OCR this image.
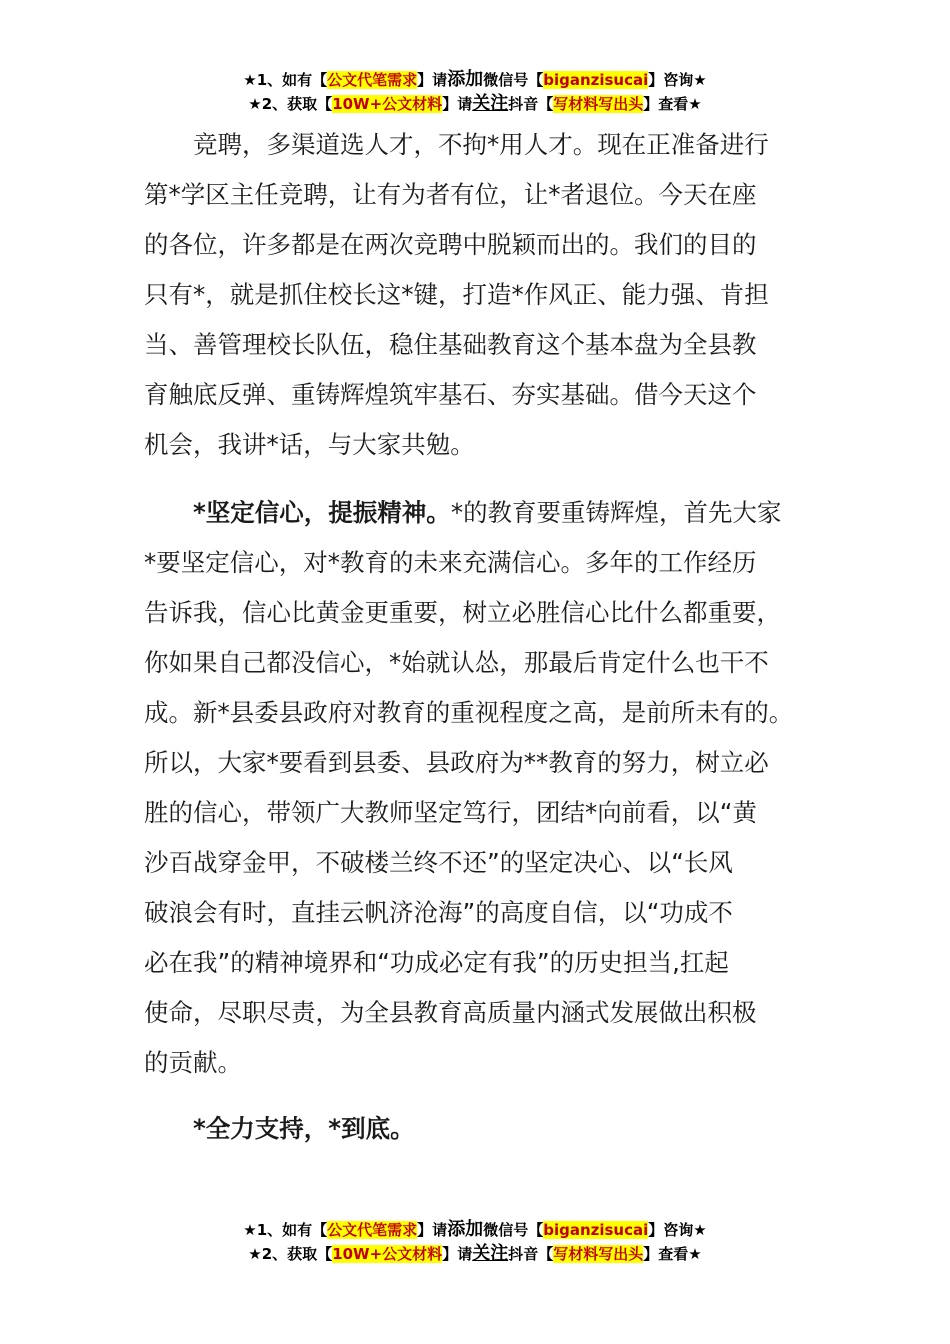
★1、如有【公文代笔需求】请添加微信号【biganzisucai】咨询★
★2、获取【10W+公文材料】请关注抖音【写材料写出头】查看★
　　竞聘，多渠道选人才，不拘*用人才。现在正准备进行
第*学区主任竞聘，让有为者有位，让*者退位。今天在座
的各位，许多都是在两次竞聘中脱颖而出的。我们的目的
只有*，就是抓住校长这*键，打造*作风正、能力强、肯担
当、善管理校长队伍，稳住基础教育这个基本盘为全县教
育触底反弹、重铸辉煌筑牢基石、夯实基础。借今天这个
机会，我讲*话，与大家共勉。
　　*坚定信心，提振精神。*的教育要重铸辉煌，首先大家
*要坚定信心，对*教育的未来充满信心。多年的工作经历
告诉我，信心比黄金更重要，树立必胜信心比什么都重要，
你如果自己都没信心，*始就认怂，那最后肯定什么也干不
成。新*县委县政府对教育的重视程度之高，是前所未有的。
所以，大家*要看到县委、县政府为**教育的努力，树立必
胜的信心，带领广大教师坚定笃行，团结*向前看，以“黄
沙百战穿金甲，不破楼兰终不还”的坚定决心、以“长风
破浪会有时，直挂云帆济沧海”的高度自信，以“功成不
必在我”的精神境界和“功成必定有我”的历史担当,扛起
使命，尽职尽责，为全县教育高质量内涵式发展做出积极
的贡献。
　　*全力支持，*到底。
★1、如有【公文代笔需求】请添加微信号【biganzisucai】咨询★
★2、获取【10W+公文材料】请关注抖音【写材料写出头】查看★
